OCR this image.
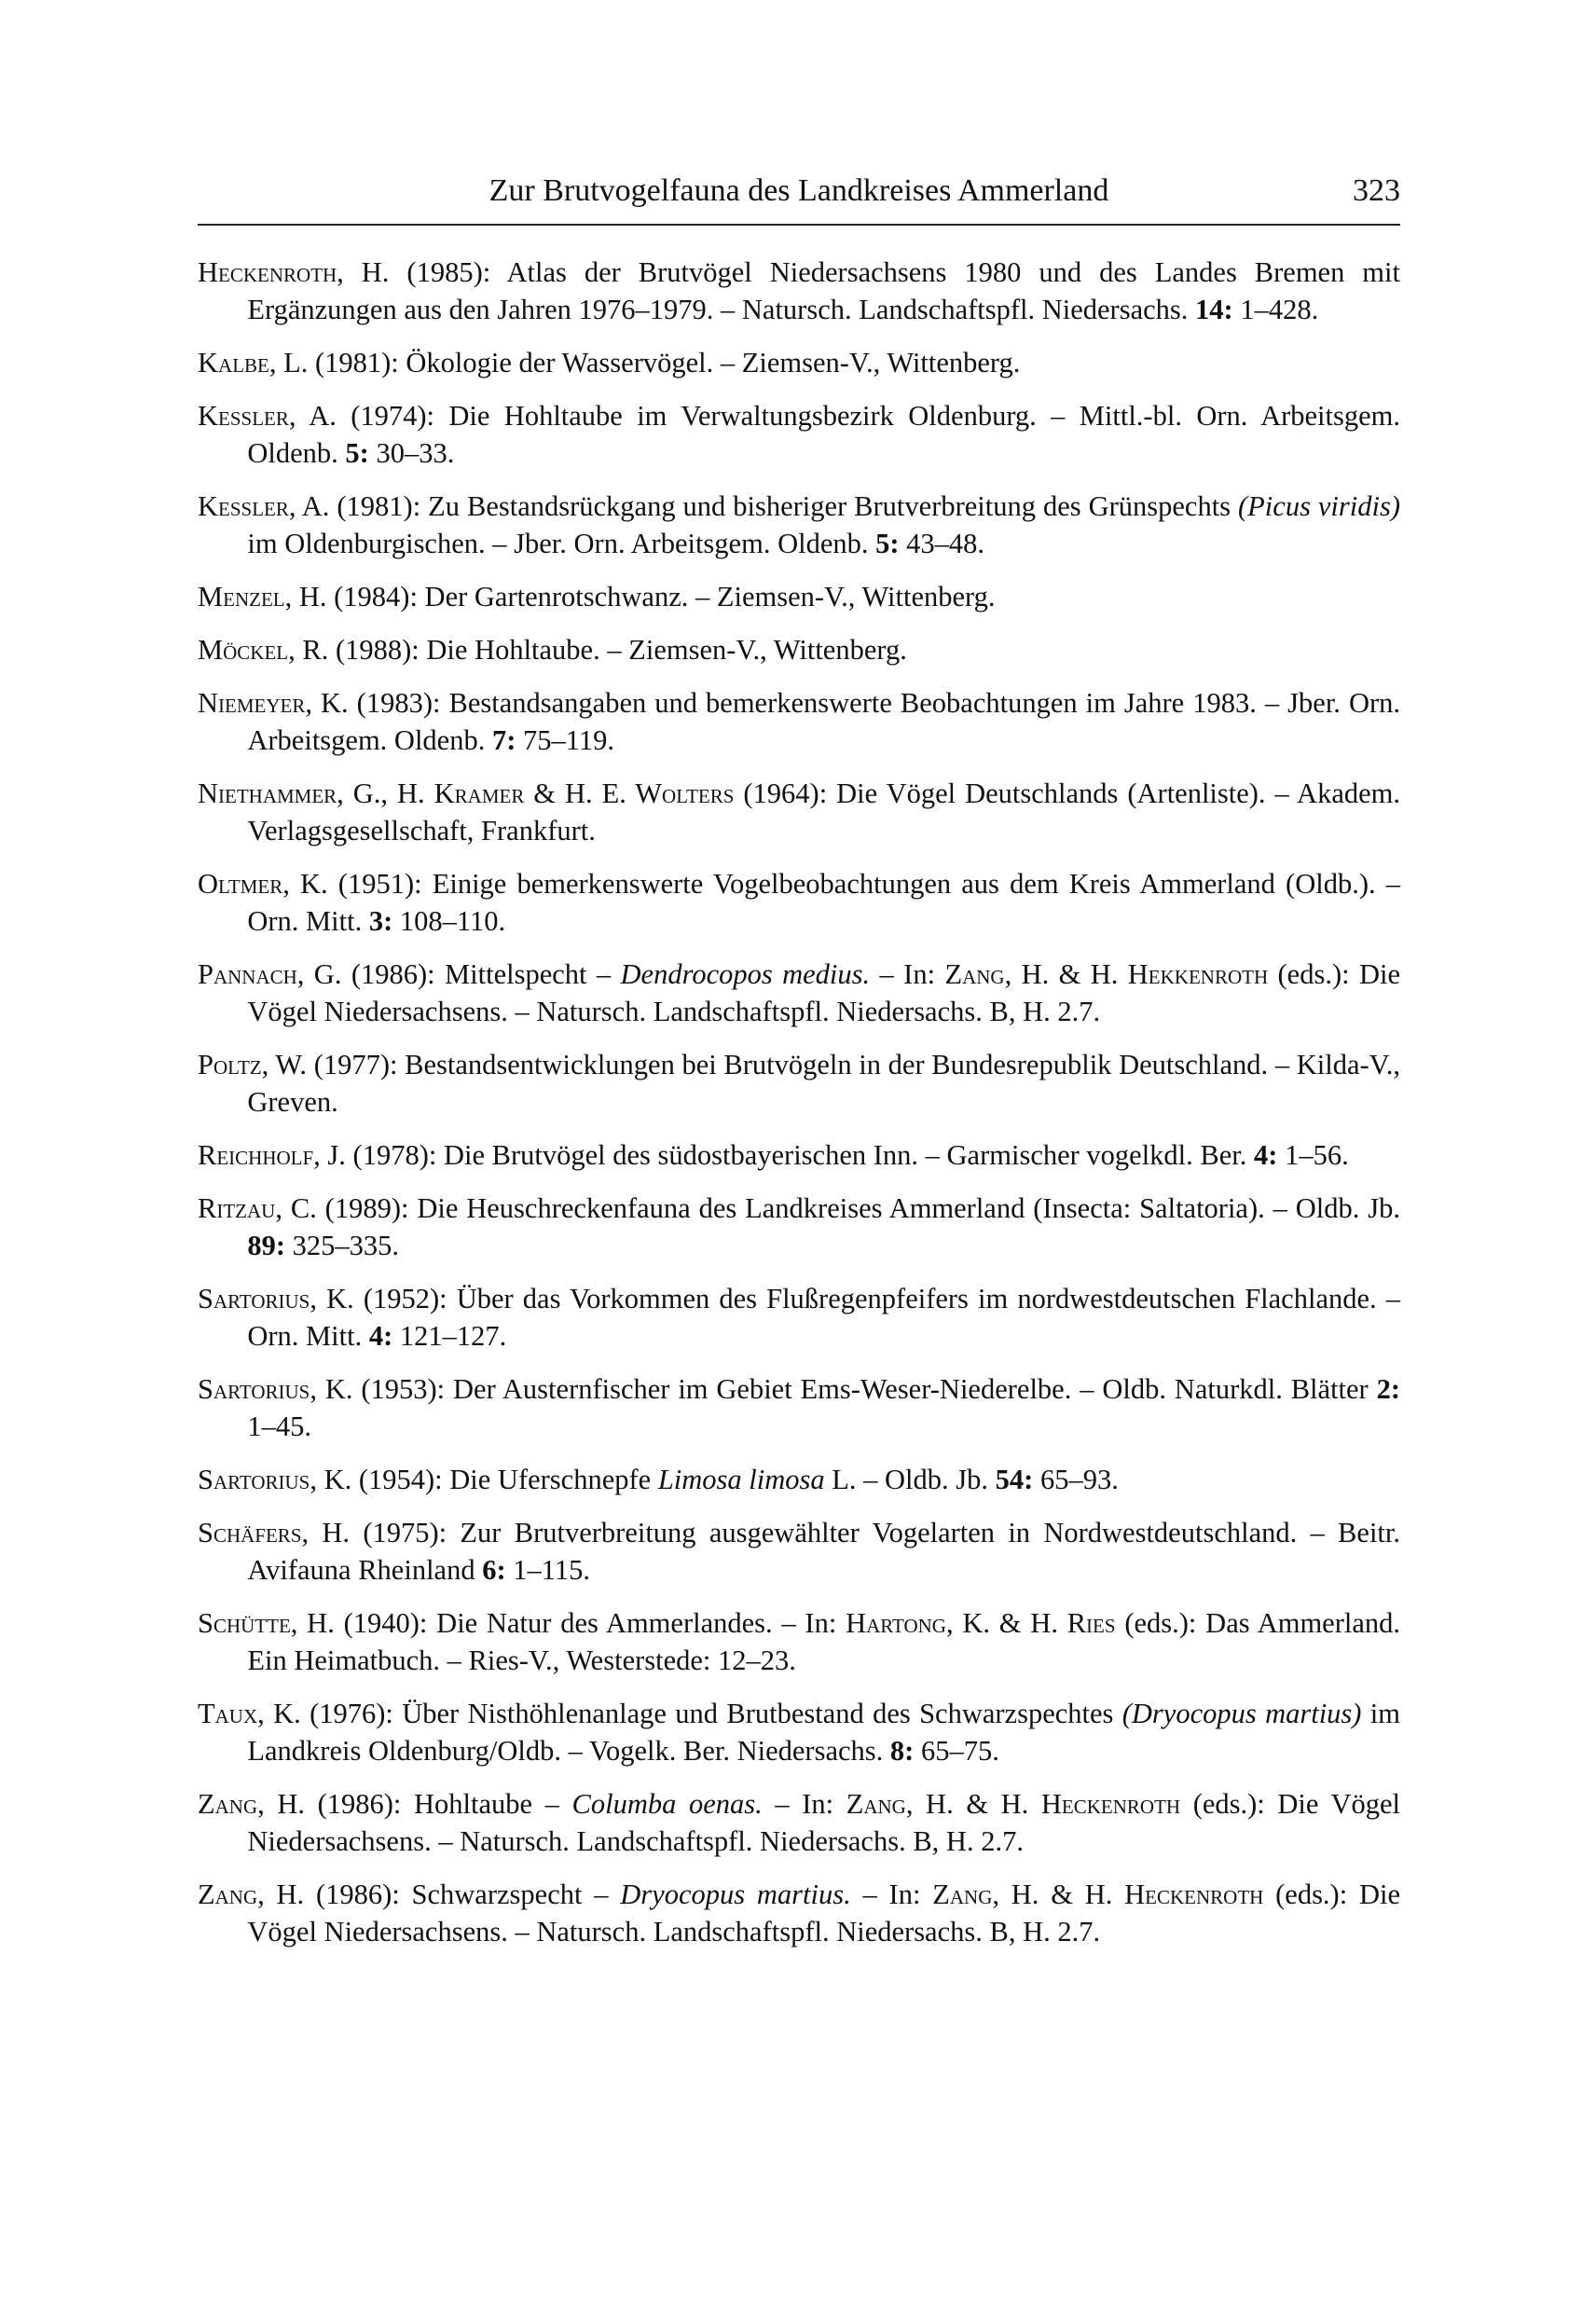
Zur Brutvogelfauna des Landkreises Ammerland	323

Heckenroth, H. (1985): Atlas der Brutvögel Niedersachsens 1980 und des Landes Bremen mit Ergänzungen aus den Jahren 1976–1979. – Natursch. Landschaftspfl. Niedersachs. 14: 1–428.

Kalbe, L. (1981): Ökologie der Wasservögel. – Ziemsen-V., Wittenberg.

Kessler, A. (1974): Die Hohltaube im Verwaltungsbezirk Oldenburg. – Mittl.-bl. Orn. Arbeitsgem. Oldenb. 5: 30–33.

Kessler, A. (1981): Zu Bestandsrückgang und bisheriger Brutverbreitung des Grünspechts (Picus viridis) im Oldenburgischen. – Jber. Orn. Arbeitsgem. Oldenb. 5: 43–48.

Menzel, H. (1984): Der Gartenrotschwanz. – Ziemsen-V., Wittenberg.

Möckel, R. (1988): Die Hohltaube. – Ziemsen-V., Wittenberg.

Niemeyer, K. (1983): Bestandsangaben und bemerkenswerte Beobachtungen im Jahre 1983. – Jber. Orn. Arbeitsgem. Oldenb. 7: 75–119.

Niethammer, G., H. Kramer & H. E. Wolters (1964): Die Vögel Deutschlands (Artenliste). – Akadem. Verlagsgesellschaft, Frankfurt.

Oltmer, K. (1951): Einige bemerkenswerte Vogelbeobachtungen aus dem Kreis Ammerland (Oldb.). – Orn. Mitt. 3: 108–110.

Pannach, G. (1986): Mittelspecht – Dendrocopos medius. – In: Zang, H. & H. Hekkenroth (eds.): Die Vögel Niedersachsens. – Natursch. Landschaftspfl. Niedersachs. B, H. 2.7.

Poltz, W. (1977): Bestandsentwicklungen bei Brutvögeln in der Bundesrepublik Deutschland. – Kilda-V., Greven.

Reichholf, J. (1978): Die Brutvögel des südostbayerischen Inn. – Garmischer vogelkdl. Ber. 4: 1–56.

Ritzau, C. (1989): Die Heuschreckenfauna des Landkreises Ammerland (Insecta: Saltatoria). – Oldb. Jb. 89: 325–335.

Sartorius, K. (1952): Über das Vorkommen des Flußregenpfeifers im nordwestdeutschen Flachlande. – Orn. Mitt. 4: 121–127.

Sartorius, K. (1953): Der Austernfischer im Gebiet Ems-Weser-Niederelbe. – Oldb. Naturkdl. Blätter 2: 1–45.

Sartorius, K. (1954): Die Uferschnepfe Limosa limosa L. – Oldb. Jb. 54: 65–93.

Schäfers, H. (1975): Zur Brutverbreitung ausgewählter Vogelarten in Nordwestdeutschland. – Beitr. Avifauna Rheinland 6: 1–115.

Schütte, H. (1940): Die Natur des Ammerlandes. – In: Hartong, K. & H. Ries (eds.): Das Ammerland. Ein Heimatbuch. – Ries-V., Westerstede: 12–23.

Taux, K. (1976): Über Nisthöhlenanlage und Brutbestand des Schwarzspechtes (Dryocopus martius) im Landkreis Oldenburg/Oldb. – Vogelk. Ber. Niedersachs. 8: 65–75.

Zang, H. (1986): Hohltaube – Columba oenas. – In: Zang, H. & H. Heckenroth (eds.): Die Vögel Niedersachsens. – Natursch. Landschaftspfl. Niedersachs. B, H. 2.7.

Zang, H. (1986): Schwarzspecht – Dryocopus martius. – In: Zang, H. & H. Heckenroth (eds.): Die Vögel Niedersachsens. – Natursch. Landschaftspfl. Niedersachs. B, H. 2.7.
